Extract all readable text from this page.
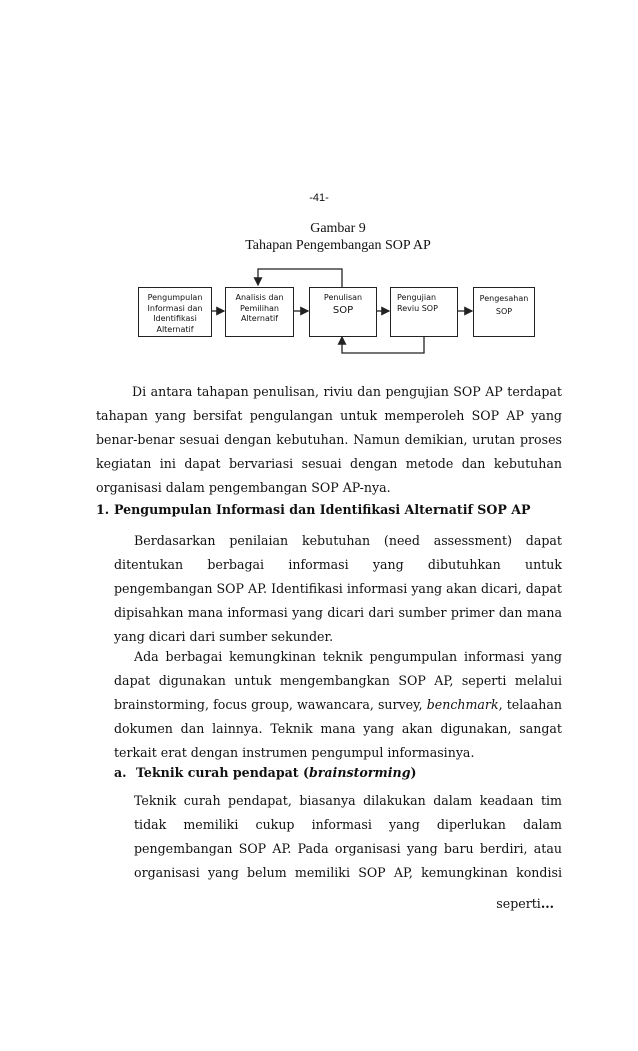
-41-
Gambar 9
Tahapan Pengembangan SOP AP
Pengumpulan
Informasi dan
Identifikasi
Alternatif
Analisis dan
Pemilihan
Alternatif
Penulisan
SOP
Pengujian
Reviu SOP
Pengesahan
SOP
Di antara tahapan penulisan, riviu dan pengujian SOP AP terdapat tahapan yang bersifat pengulangan untuk memperoleh SOP AP yang benar-benar sesuai dengan kebutuhan. Namun demikian, urutan proses kegiatan ini dapat bervariasi sesuai dengan metode dan kebutuhan organisasi dalam pengembangan SOP AP-nya.
1. Pengumpulan Informasi dan Identifikasi Alternatif SOP AP
Berdasarkan penilaian kebutuhan (need assessment) dapat ditentukan berbagai informasi yang dibutuhkan untuk pengembangan SOP AP. Identifikasi informasi yang akan dicari, dapat dipisahkan mana informasi yang dicari dari sumber primer dan mana yang dicari dari sumber sekunder.
Ada berbagai kemungkinan teknik pengumpulan informasi yang dapat digunakan untuk mengembangkan SOP AP, seperti melalui brainstorming, focus group, wawancara, survey, benchmark, telaahan dokumen dan lainnya. Teknik mana yang akan digunakan, sangat terkait erat dengan instrumen pengumpul informasinya.
a. Teknik curah pendapat (brainstorming)
Teknik curah pendapat, biasanya dilakukan dalam keadaan tim tidak memiliki cukup informasi yang diperlukan dalam pengembangan SOP AP. Pada organisasi yang baru berdiri, atau organisasi yang belum memiliki SOP AP, kemungkinan kondisi
seperti...
